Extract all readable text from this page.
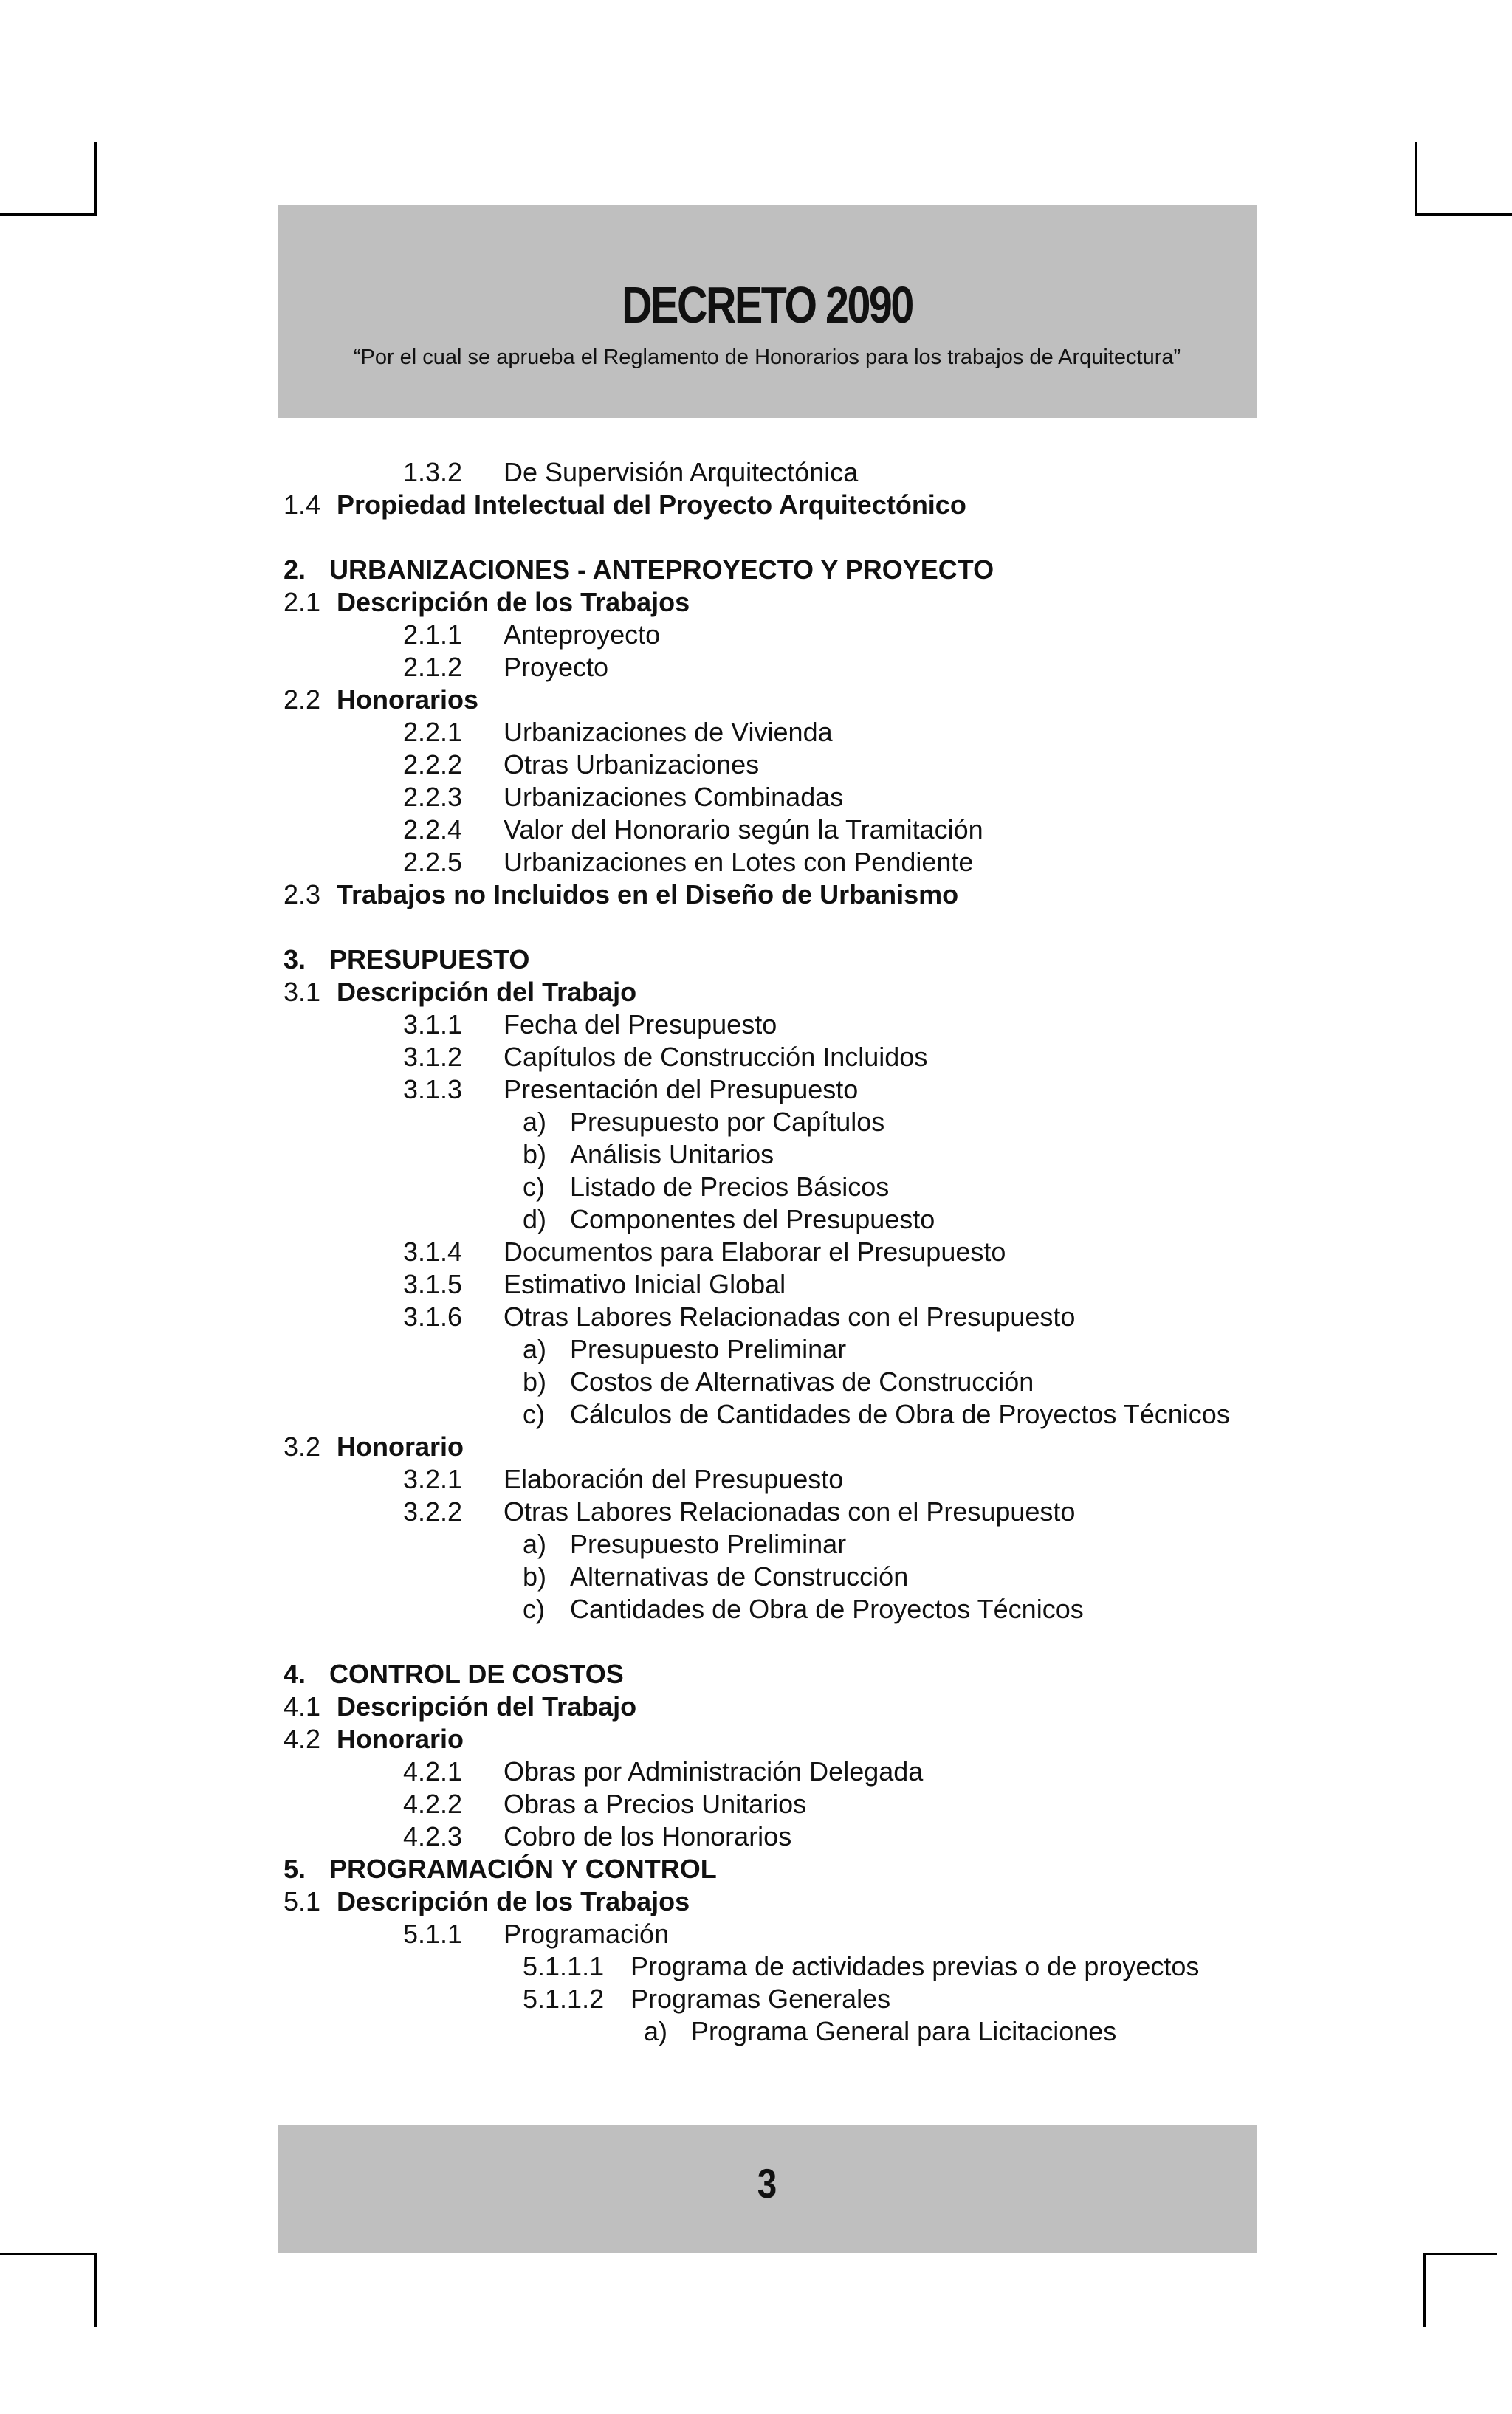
DECRETO 2090
“Por el cual se aprueba el Reglamento de Honorarios para los trabajos de Arquitectura”
1.3.2 De Supervisión Arquitectónica
1.4 Propiedad Intelectual del Proyecto Arquitectónico
2. URBANIZACIONES - ANTEPROYECTO Y PROYECTO
2.1 Descripción de los Trabajos
2.1.1 Anteproyecto
2.1.2 Proyecto
2.2 Honorarios
2.2.1 Urbanizaciones de Vivienda
2.2.2 Otras Urbanizaciones
2.2.3 Urbanizaciones Combinadas
2.2.4 Valor del Honorario según la Tramitación
2.2.5 Urbanizaciones en Lotes con Pendiente
2.3 Trabajos no Incluidos en el Diseño de Urbanismo
3. PRESUPUESTO
3.1 Descripción del Trabajo
3.1.1 Fecha del Presupuesto
3.1.2 Capítulos de Construcción Incluidos
3.1.3 Presentación del Presupuesto
a) Presupuesto por Capítulos
b) Análisis Unitarios
c) Listado de Precios Básicos
d) Componentes del Presupuesto
3.1.4 Documentos para Elaborar el Presupuesto
3.1.5 Estimativo Inicial Global
3.1.6 Otras Labores Relacionadas con el Presupuesto
a) Presupuesto Preliminar
b) Costos de Alternativas de Construcción
c) Cálculos de Cantidades de Obra de Proyectos Técnicos
3.2 Honorario
3.2.1 Elaboración del Presupuesto
3.2.2 Otras Labores Relacionadas con el Presupuesto
a) Presupuesto Preliminar
b) Alternativas de Construcción
c) Cantidades de Obra de Proyectos Técnicos
4. CONTROL DE COSTOS
4.1 Descripción del Trabajo
4.2 Honorario
4.2.1 Obras por Administración Delegada
4.2.2 Obras a Precios Unitarios
4.2.3 Cobro de los Honorarios
5. PROGRAMACIÓN Y CONTROL
5.1 Descripción de los Trabajos
5.1.1 Programación
5.1.1.1 Programa de actividades previas o de proyectos
5.1.1.2 Programas Generales
a) Programa General para Licitaciones
3
